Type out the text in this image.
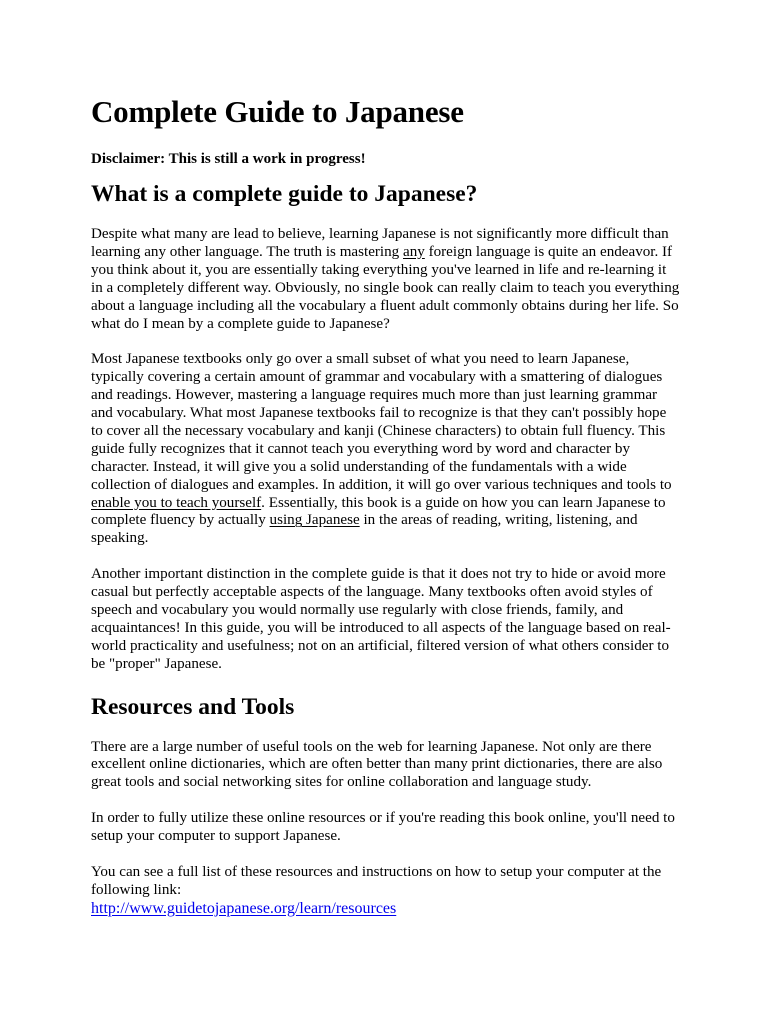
Complete Guide to Japanese
Disclaimer: This is still a work in progress!
What is a complete guide to Japanese?

Despite what many are lead to believe, learning Japanese is not significantly more difficult than learning any other language. The truth is mastering any foreign language is quite an endeavor. If you think about it, you are essentially taking everything you've learned in life and re-learning it in a completely different way. Obviously, no single book can really claim to teach you everything about a language including all the vocabulary a fluent adult commonly obtains during her life. So what do I mean by a complete guide to Japanese?

Most Japanese textbooks only go over a small subset of what you need to learn Japanese, typically covering a certain amount of grammar and vocabulary with a smattering of dialogues and readings. However, mastering a language requires much more than just learning grammar and vocabulary. What most Japanese textbooks fail to recognize is that they can't possibly hope to cover all the necessary vocabulary and kanji (Chinese characters) to obtain full fluency. This guide fully recognizes that it cannot teach you everything word by word and character by character. Instead, it will give you a solid understanding of the fundamentals with a wide collection of dialogues and examples. In addition, it will go over various techniques and tools to enable you to teach yourself. Essentially, this book is a guide on how you can learn Japanese to complete fluency by actually using Japanese in the areas of reading, writing, listening, and speaking.

Another important distinction in the complete guide is that it does not try to hide or avoid more casual but perfectly acceptable aspects of the language. Many textbooks often avoid styles of speech and vocabulary you would normally use regularly with close friends, family, and acquaintances! In this guide, you will be introduced to all aspects of the language based on real-world practicality and usefulness; not on an artificial, filtered version of what others consider to be "proper" Japanese.

Resources and Tools

There are a large number of useful tools on the web for learning Japanese. Not only are there excellent online dictionaries, which are often better than many print dictionaries, there are also great tools and social networking sites for online collaboration and language study.

In order to fully utilize these online resources or if you're reading this book online, you'll need to setup your computer to support Japanese.

You can see a full list of these resources and instructions on how to setup your computer at the following link:

http://www.guidetojapanese.org/learn/resources
